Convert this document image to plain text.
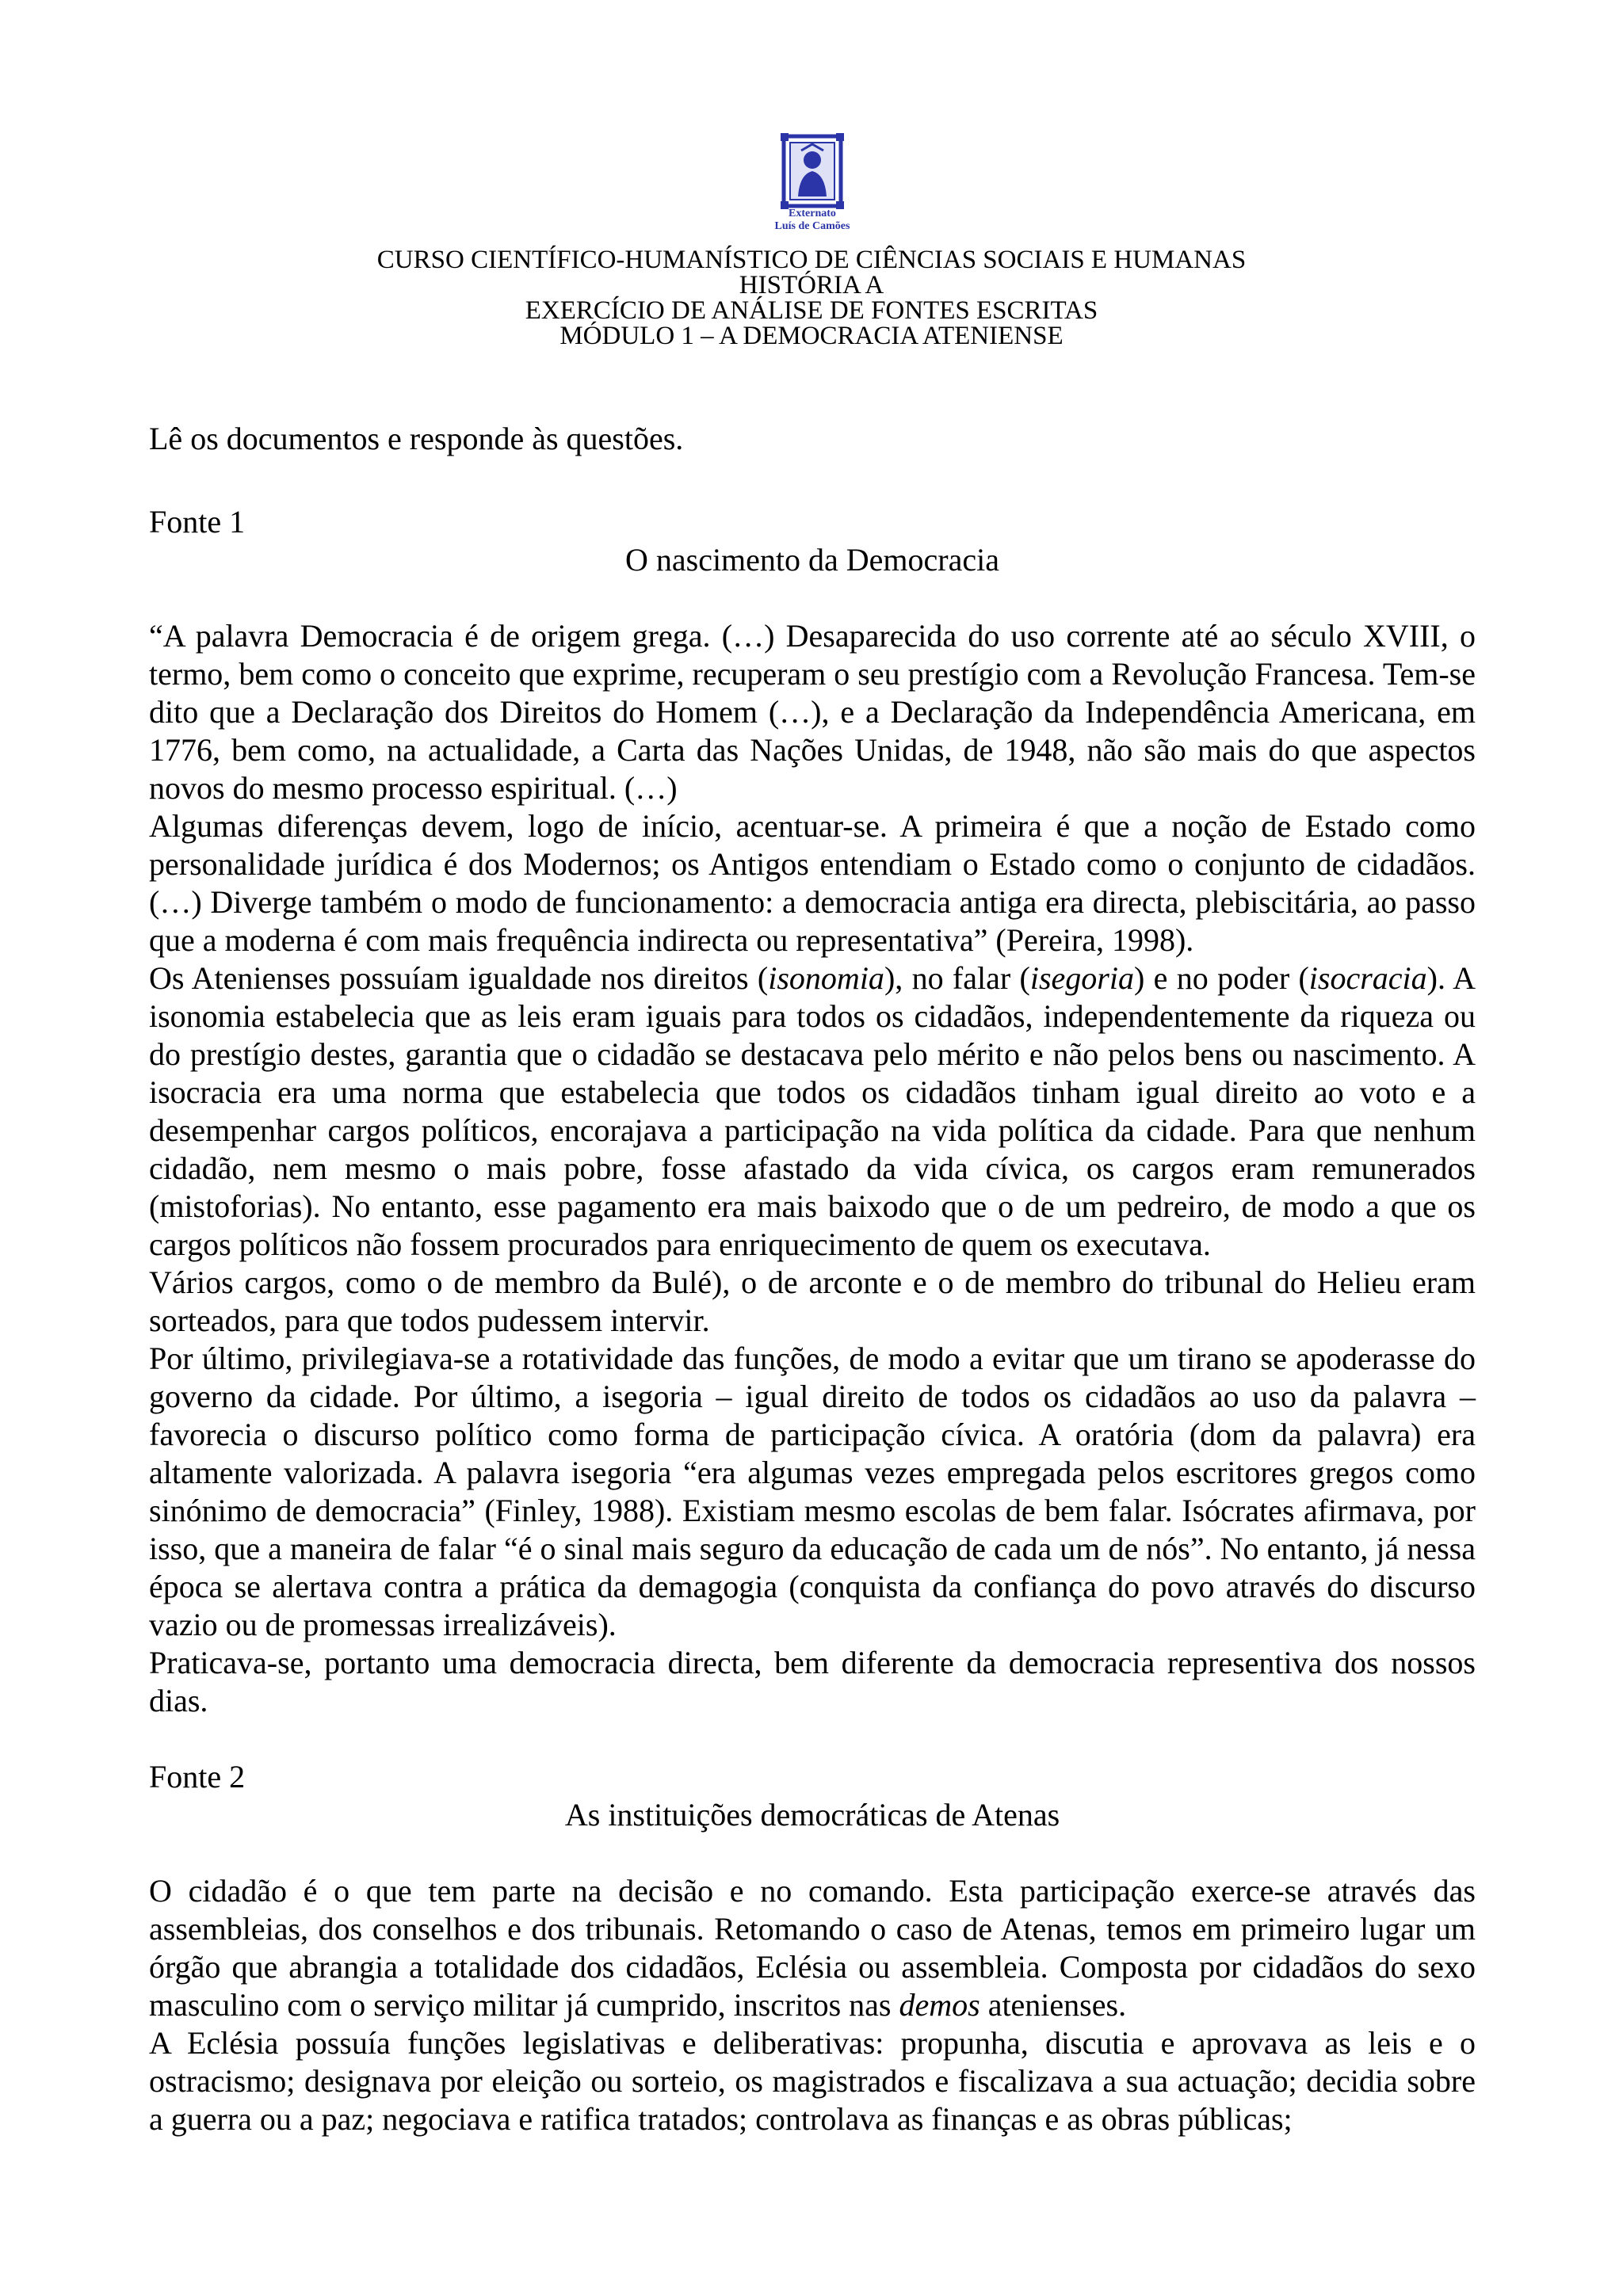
Externato
Luís de Camões
CURSO CIENTÍFICO-HUMANÍSTICO DE CIÊNCIAS SOCIAIS E HUMANAS
HISTÓRIA A
EXERCÍCIO DE ANÁLISE DE FONTES ESCRITAS
MÓDULO 1 – A DEMOCRACIA ATENIENSE

Lê os documentos e responde às questões.

Fonte 1

O nascimento da Democracia

“A palavra Democracia é de origem grega. (…) Desaparecida do uso corrente até ao século XVIII, o termo, bem como o conceito que exprime, recuperam o seu prestígio com a Revolução Francesa. Tem-se dito que a Declaração dos Direitos do Homem (…), e a Declaração da Independência Americana, em 1776, bem como, na actualidade, a Carta das Nações Unidas, de 1948, não são mais do que aspectos novos do mesmo processo espiritual. (…)

Algumas diferenças devem, logo de início, acentuar-se. A primeira é que a noção de Estado como personalidade jurídica é dos Modernos; os Antigos entendiam o Estado como o conjunto de cidadãos. (…) Diverge também o modo de funcionamento: a democracia antiga era directa, plebiscitária, ao passo que a moderna é com mais frequência indirecta ou representativa” (Pereira, 1998).

Os Atenienses possuíam igualdade nos direitos (isonomia), no falar (isegoria) e no poder (isocracia). A isonomia estabelecia que as leis eram iguais para todos os cidadãos, independentemente da riqueza ou do prestígio destes, garantia que o cidadão se destacava pelo mérito e não pelos bens ou nascimento. A isocracia era uma norma que estabelecia que todos os cidadãos tinham igual direito ao voto e a desempenhar cargos políticos, encorajava a participação na vida política da cidade. Para que nenhum cidadão, nem mesmo o mais pobre, fosse afastado da vida cívica, os cargos eram remunerados (mistoforias). No entanto, esse pagamento era mais baixodo que o de um pedreiro, de modo a que os cargos políticos não fossem procurados para enriquecimento de quem os executava.

Vários cargos, como o de membro da Bulé), o de arconte e o de membro do tribunal do Helieu eram sorteados, para que todos pudessem intervir.

Por último, privilegiava-se a rotatividade das funções, de modo a evitar que um tirano se apoderasse do governo da cidade. Por último, a isegoria – igual direito de todos os cidadãos ao uso da palavra – favorecia o discurso político como forma de participação cívica. A oratória (dom da palavra) era altamente valorizada. A palavra isegoria “era algumas vezes empregada pelos escritores gregos como sinónimo de democracia” (Finley, 1988). Existiam mesmo escolas de bem falar. Isócrates afirmava, por isso, que a maneira de falar “é o sinal mais seguro da educação de cada um de nós”. No entanto, já nessa época se alertava contra a prática da demagogia (conquista da confiança do povo através do discurso vazio ou de promessas irrealizáveis).

Praticava-se, portanto uma democracia directa, bem diferente da democracia representiva dos nossos dias.

Fonte 2

As instituições democráticas de Atenas

O cidadão é o que tem parte na decisão e no comando. Esta participação exerce-se através das assembleias, dos conselhos e dos tribunais. Retomando o caso de Atenas, temos em primeiro lugar um órgão que abrangia a totalidade dos cidadãos, Eclésia ou assembleia. Composta por cidadãos do sexo masculino com o serviço militar já cumprido, inscritos nas demos atenienses.

A Eclésia possuía funções legislativas e deliberativas: propunha, discutia e aprovava as leis e o ostracismo; designava por eleição ou sorteio, os magistrados e fiscalizava a sua actuação; decidia sobre a guerra ou a paz; negociava e ratifica tratados; controlava as finanças e as obras públicas;
